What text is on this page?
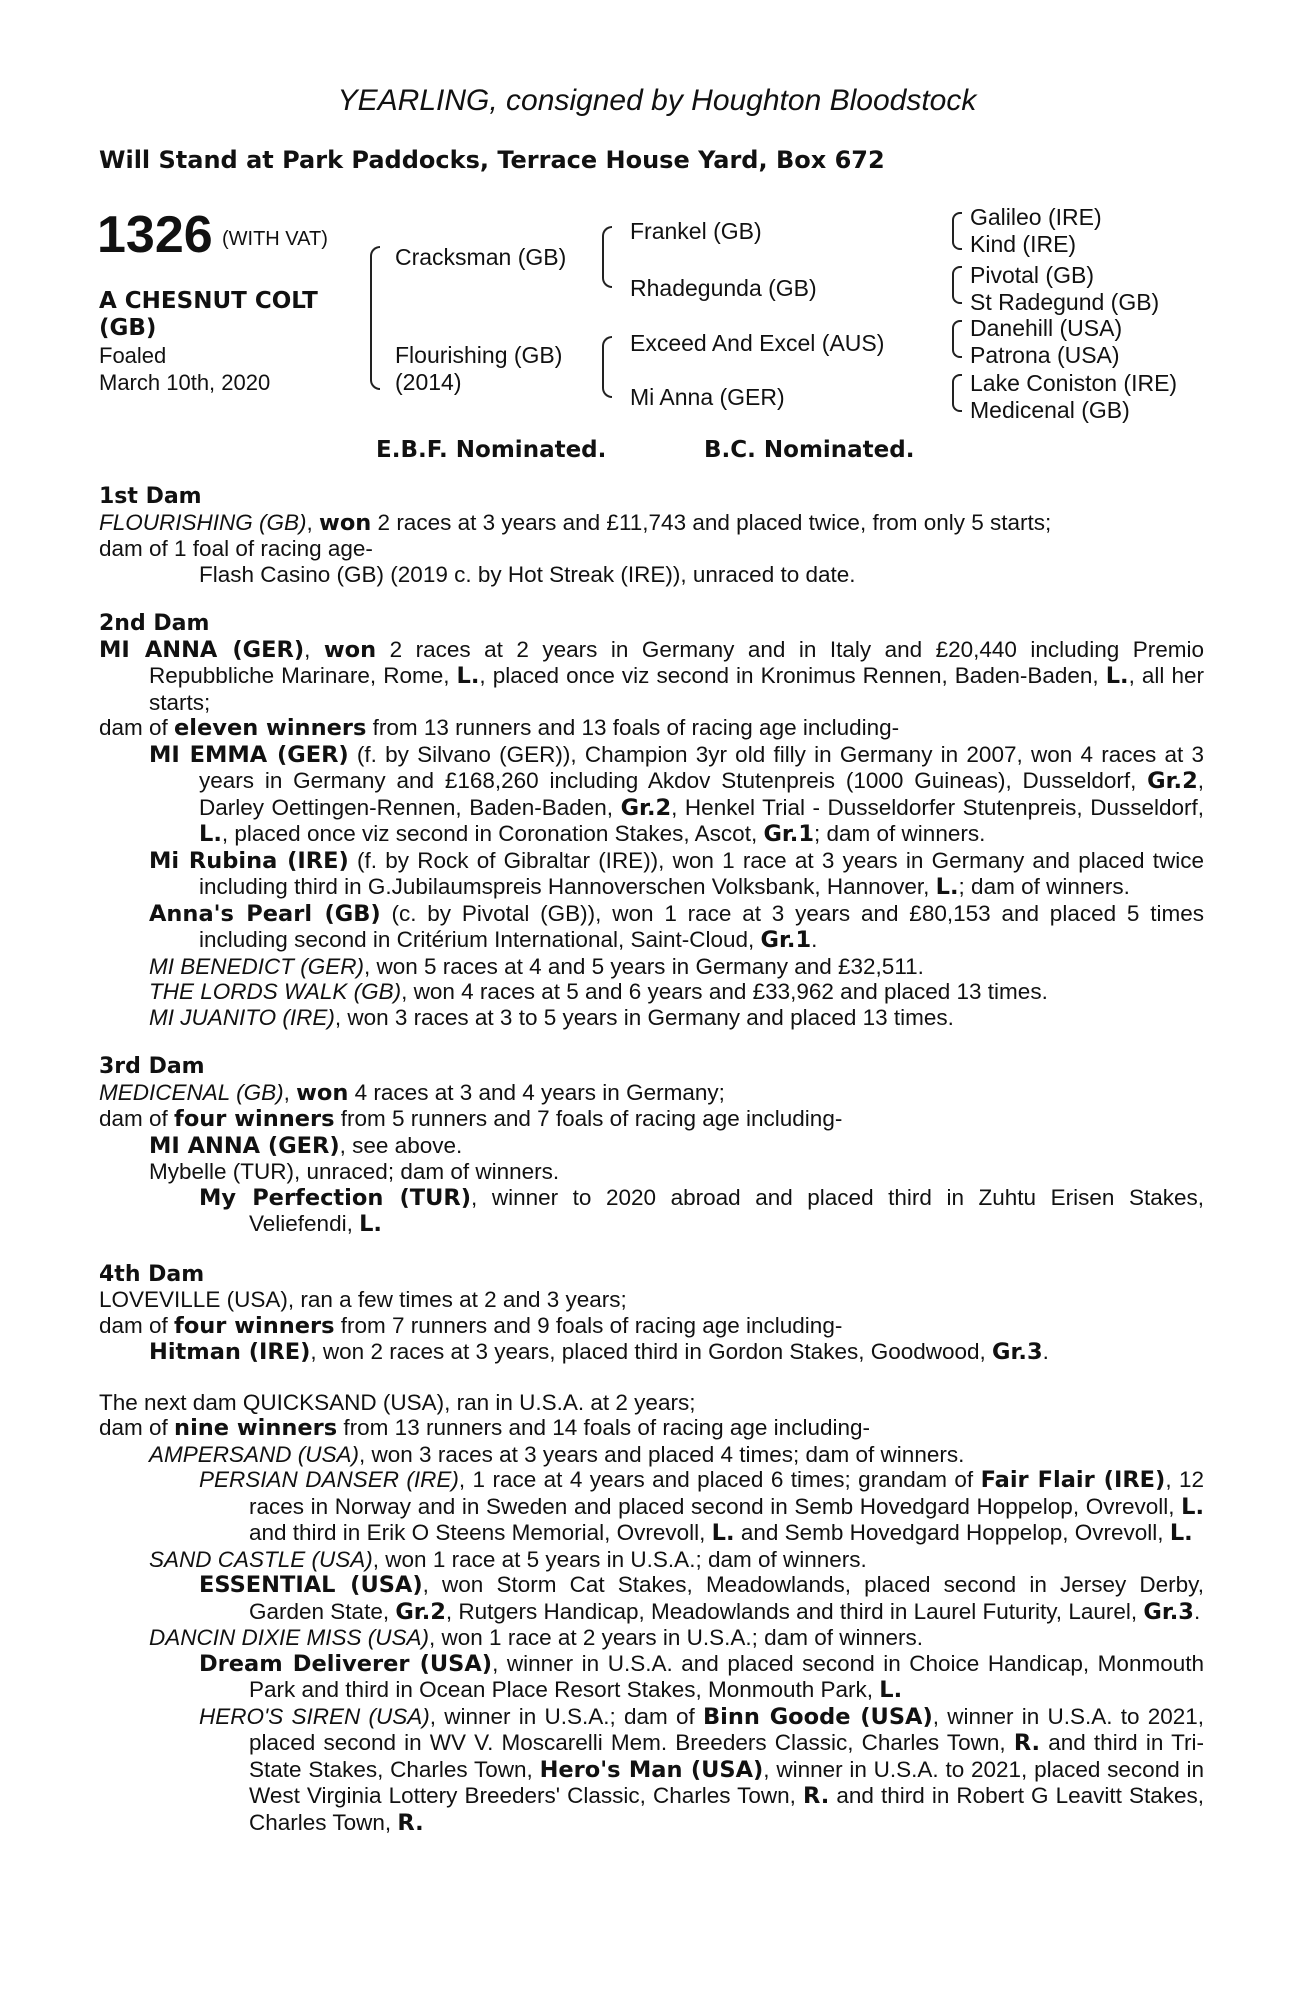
YEARLING, consigned by Houghton Bloodstock
Will Stand at Park Paddocks, Terrace House Yard, Box 672
1326 (WITH VAT)
A CHESNUT COLT (GB)
Foaled
March 10th, 2020
Cracksman (GB)
Flourishing (GB)
(2014)
Frankel (GB)
Rhadegunda (GB)
Exceed And Excel (AUS)
Mi Anna (GER)
Galileo (IRE)
Kind (IRE)
Pivotal (GB)
St Radegund (GB)
Danehill (USA)
Patrona (USA)
Lake Coniston (IRE)
Medicenal (GB)
E.B.F. Nominated.	B.C. Nominated.
1st Dam

FLOURISHING (GB), won 2 races at 3 years and £11,743 and placed twice, from only 5 starts;

dam of 1 foal of racing age-

Flash Casino (GB) (2019 c. by Hot Streak (IRE)), unraced to date.

2nd Dam

MI ANNA (GER), won 2 races at 2 years in Germany and in Italy and £20,440 including Premio Repubbliche Marinare, Rome, L., placed once viz second in Kronimus Rennen, Baden-Baden, L., all her starts;

dam of eleven winners from 13 runners and 13 foals of racing age including-

MI EMMA (GER) (f. by Silvano (GER)), Champion 3yr old filly in Germany in 2007, won 4 races at 3 years in Germany and £168,260 including Akdov Stutenpreis (1000 Guineas), Dusseldorf, Gr.2, Darley Oettingen-Rennen, Baden-Baden, Gr.2, Henkel Trial - Dusseldorfer Stutenpreis, Dusseldorf, L., placed once viz second in Coronation Stakes, Ascot, Gr.1; dam of winners.

Mi Rubina (IRE) (f. by Rock of Gibraltar (IRE)), won 1 race at 3 years in Germany and placed twice including third in G.Jubilaumspreis Hannoverschen Volksbank, Hannover, L.; dam of winners.

Anna's Pearl (GB) (c. by Pivotal (GB)), won 1 race at 3 years and £80,153 and placed 5 times including second in Critérium International, Saint-Cloud, Gr.1.

MI BENEDICT (GER), won 5 races at 4 and 5 years in Germany and £32,511.

THE LORDS WALK (GB), won 4 races at 5 and 6 years and £33,962 and placed 13 times.

MI JUANITO (IRE), won 3 races at 3 to 5 years in Germany and placed 13 times.

3rd Dam

MEDICENAL (GB), won 4 races at 3 and 4 years in Germany;

dam of four winners from 5 runners and 7 foals of racing age including-

MI ANNA (GER), see above.

Mybelle (TUR), unraced; dam of winners.

My Perfection (TUR), winner to 2020 abroad and placed third in Zuhtu Erisen Stakes, Veliefendi, L.

4th Dam

LOVEVILLE (USA), ran a few times at 2 and 3 years;

dam of four winners from 7 runners and 9 foals of racing age including-

Hitman (IRE), won 2 races at 3 years, placed third in Gordon Stakes, Goodwood, Gr.3.

The next dam QUICKSAND (USA), ran in U.S.A. at 2 years;

dam of nine winners from 13 runners and 14 foals of racing age including-

AMPERSAND (USA), won 3 races at 3 years and placed 4 times; dam of winners.

PERSIAN DANSER (IRE), 1 race at 4 years and placed 6 times; grandam of Fair Flair (IRE), 12 races in Norway and in Sweden and placed second in Semb Hovedgard Hoppelop, Ovrevoll, L. and third in Erik O Steens Memorial, Ovrevoll, L. and Semb Hovedgard Hoppelop, Ovrevoll, L.

SAND CASTLE (USA), won 1 race at 5 years in U.S.A.; dam of winners.

ESSENTIAL (USA), won Storm Cat Stakes, Meadowlands, placed second in Jersey Derby, Garden State, Gr.2, Rutgers Handicap, Meadowlands and third in Laurel Futurity, Laurel, Gr.3.

DANCIN DIXIE MISS (USA), won 1 race at 2 years in U.S.A.; dam of winners.

Dream Deliverer (USA), winner in U.S.A. and placed second in Choice Handicap, Monmouth Park and third in Ocean Place Resort Stakes, Monmouth Park, L.

HERO'S SIREN (USA), winner in U.S.A.; dam of Binn Goode (USA), winner in U.S.A. to 2021, placed second in WV V. Moscarelli Mem. Breeders Classic, Charles Town, R. and third in Tri-State Stakes, Charles Town, Hero's Man (USA), winner in U.S.A. to 2021, placed second in West Virginia Lottery Breeders' Classic, Charles Town, R. and third in Robert G Leavitt Stakes, Charles Town, R.
